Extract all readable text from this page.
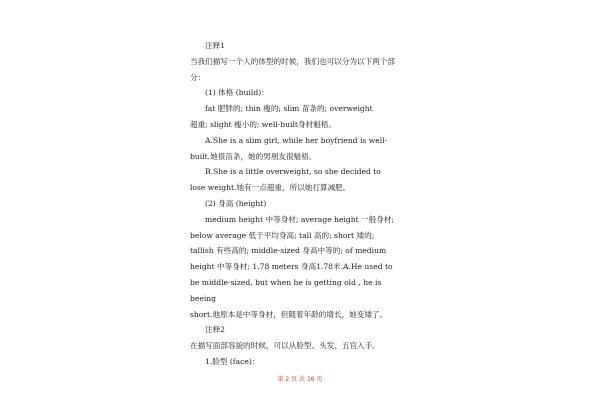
注释1

当我们描写一个人的体型的时候，我们也可以分为以下两个部

分：

(1) 体格 (build)：

fat 肥胖的; thin 瘦的; slim 苗条的; overweight

超重; slight 瘦小的; well-built身材魁梧。

A.She is a slim girl, while her boyfriend is well-

built.她很苗条，她的男朋友很魁梧。

B.She is a little overweight, so she decided to

lose weight.她有一点超重，所以她打算减肥。

(2) 身高 (height)

medium height 中等身材; average height 一般身材;

below average 低于平均身高; tall 高的; short 矮的;

tallish 有些高的; middle-sized 身高中等的; of medium

height 中等身材; 1.78 meters 身高1.78米.A.He used to

be middle-sized, but when he is getting old , he is

beeing

short.他原本是中等身材，但随着年龄的增长，她变矮了。

注释2

在描写面部容貌的时候，可以从脸型、头发、五官入手。

1.脸型 (face)：

第 2 页 共 16 页
